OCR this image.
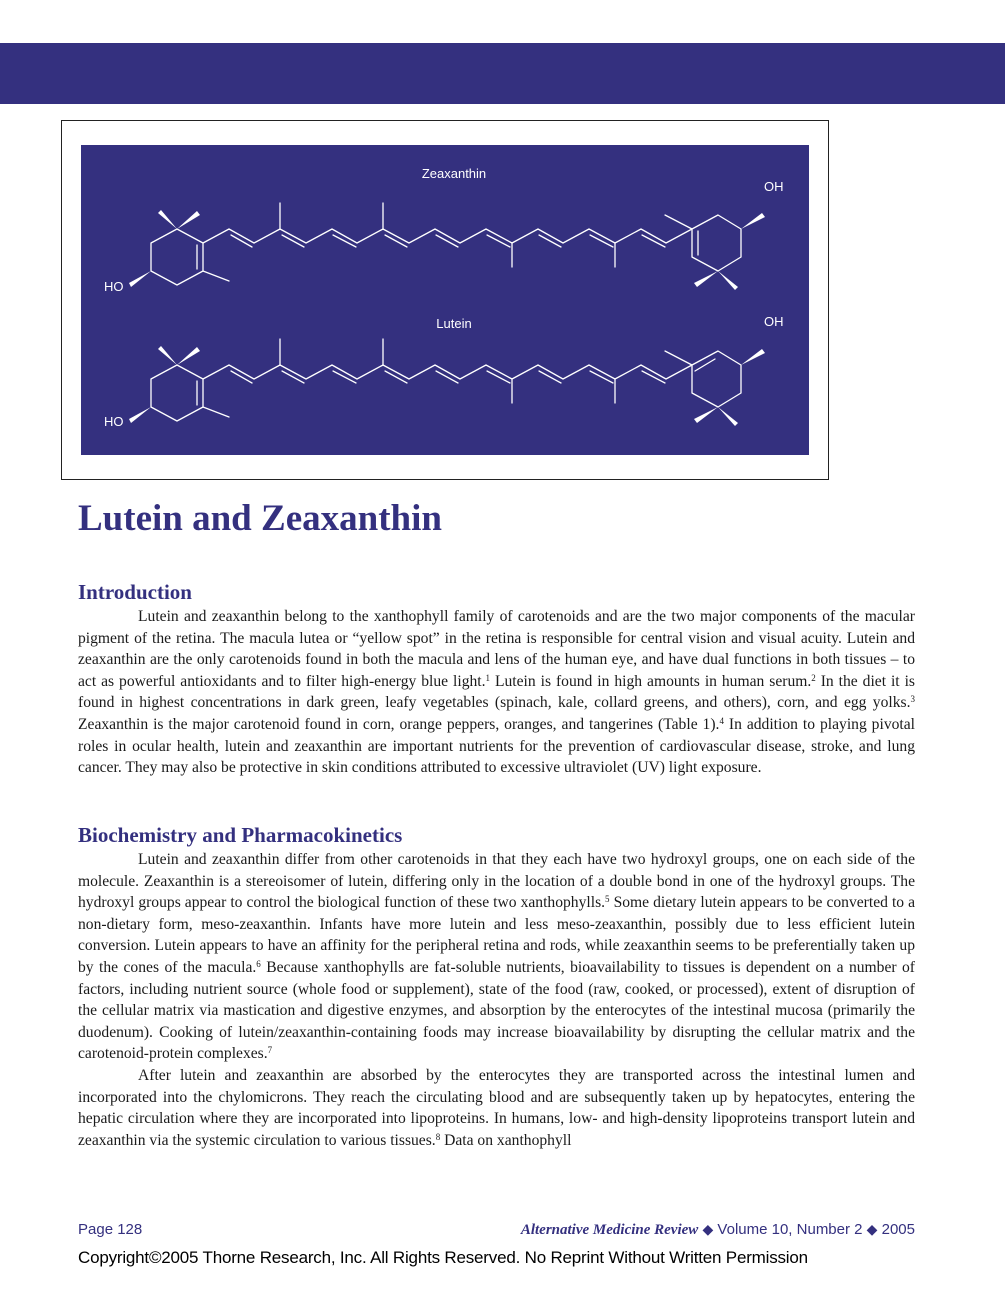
Zeaxanthin
HO
OH
Lutein
HO
OH
Lutein and Zeaxanthin
Introduction

Lutein and zeaxanthin belong to the xanthophyll family of carotenoids and are the two major components of the macular pigment of the retina. The macula lutea or “yellow spot” in the retina is responsible for central vision and visual acuity. Lutein and zeaxanthin are the only carotenoids found in both the macula and lens of the human eye, and have dual functions in both tissues – to act as powerful antioxidants and to filter high-energy blue light.$^1$ Lutein is found in high amounts in human serum.$^2$ In the diet it is found in highest concentrations in dark green, leafy vegetables (spinach, kale, collard greens, and others), corn, and egg yolks.$^3$ Zeaxanthin is the major carotenoid found in corn, orange peppers, oranges, and tangerines (Table 1).$^4$ In addition to playing pivotal roles in ocular health, lutein and zeaxanthin are important nutrients for the prevention of cardiovascular disease, stroke, and lung cancer. They may also be protective in skin conditions attributed to excessive ultraviolet (UV) light exposure.

Biochemistry and Pharmacokinetics

Lutein and zeaxanthin differ from other carotenoids in that they each have two hydroxyl groups, one on each side of the molecule. Zeaxanthin is a stereoisomer of lutein, differing only in the location of a double bond in one of the hydroxyl groups. The hydroxyl groups appear to control the biological function of these two xanthophylls.$^5$ Some dietary lutein appears to be converted to a non-dietary form, meso-zeaxanthin. Infants have more lutein and less meso-zeaxanthin, possibly due to less efficient lutein conversion. Lutein appears to have an affinity for the peripheral retina and rods, while zeaxanthin seems to be preferentially taken up by the cones of the macula.$^6$ Because xanthophylls are fat-soluble nutrients, bioavailability to tissues is dependent on a number of factors, including nutrient source (whole food or supplement), state of the food (raw, cooked, or processed), extent of disruption of the cellular matrix via mastication and digestive enzymes, and absorption by the enterocytes of the intestinal mucosa (primarily the duodenum). Cooking of lutein/zeaxanthin-containing foods may increase bioavailability by disrupting the cellular matrix and the carotenoid-protein complexes.$^7$

After lutein and zeaxanthin are absorbed by the enterocytes they are transported across the intestinal lumen and incorporated into the chylomicrons. They reach the circulating blood and are subsequently taken up by hepatocytes, entering the hepatic circulation where they are incorporated into lipoproteins. In humans, low- and high-density lipoproteins transport lutein and zeaxanthin via the systemic circulation to various tissues.$^8$ Data on xanthophyll

Page 128	Alternative Medicine Review ◆ Volume 10, Number 2 ◆ 2005
Copyright©2005 Thorne Research, Inc. All Rights Reserved. No Reprint Without Written Permission
